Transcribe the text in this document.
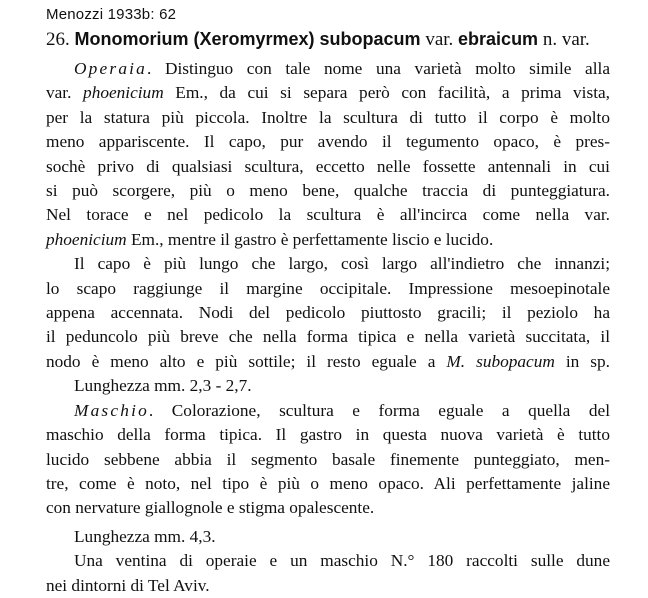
Menozzi 1933b: 62
26. Monomorium (Xeromyrmex) subopacum var. ebraicum n. var.
Operaia. Distinguo con tale nome una varietà molto simile alla
var. phoenicium Em., da cui si separa però con facilità, a prima vista,
per la statura più piccola. Inoltre la scultura di tutto il corpo è molto
meno appariscente. Il capo, pur avendo il tegumento opaco, è pres-
sochè privo di qualsiasi scultura, eccetto nelle fossette antennali in cui
si può scorgere, più o meno bene, qualche traccia di punteggiatura.
Nel torace e nel pedicolo la scultura è all'incirca come nella var.
phoenicium Em., mentre il gastro è perfettamente liscio e lucido.
Il capo è più lungo che largo, così largo all'indietro che innanzi;
lo scapo raggiunge il margine occipitale. Impressione mesoepinotale
appena accennata. Nodi del pedicolo piuttosto gracili; il peziolo ha
il peduncolo più breve che nella forma tipica e nella varietà succitata, il
nodo è meno alto e più sottile; il resto eguale a M. subopacum in sp.
Lunghezza mm. 2,3 - 2,7.
Maschio. Colorazione, scultura e forma eguale a quella del
maschio della forma tipica. Il gastro in questa nuova varietà è tutto
lucido sebbene abbia il segmento basale finemente punteggiato, men-
tre, come è noto, nel tipo è più o meno opaco. Ali perfettamente jaline
con nervature giallognole e stigma opalescente.
Lunghezza mm. 4,3.
Una ventina di operaie e un maschio N.° 180 raccolti sulle dune
nei dintorni di Tel Aviv.
